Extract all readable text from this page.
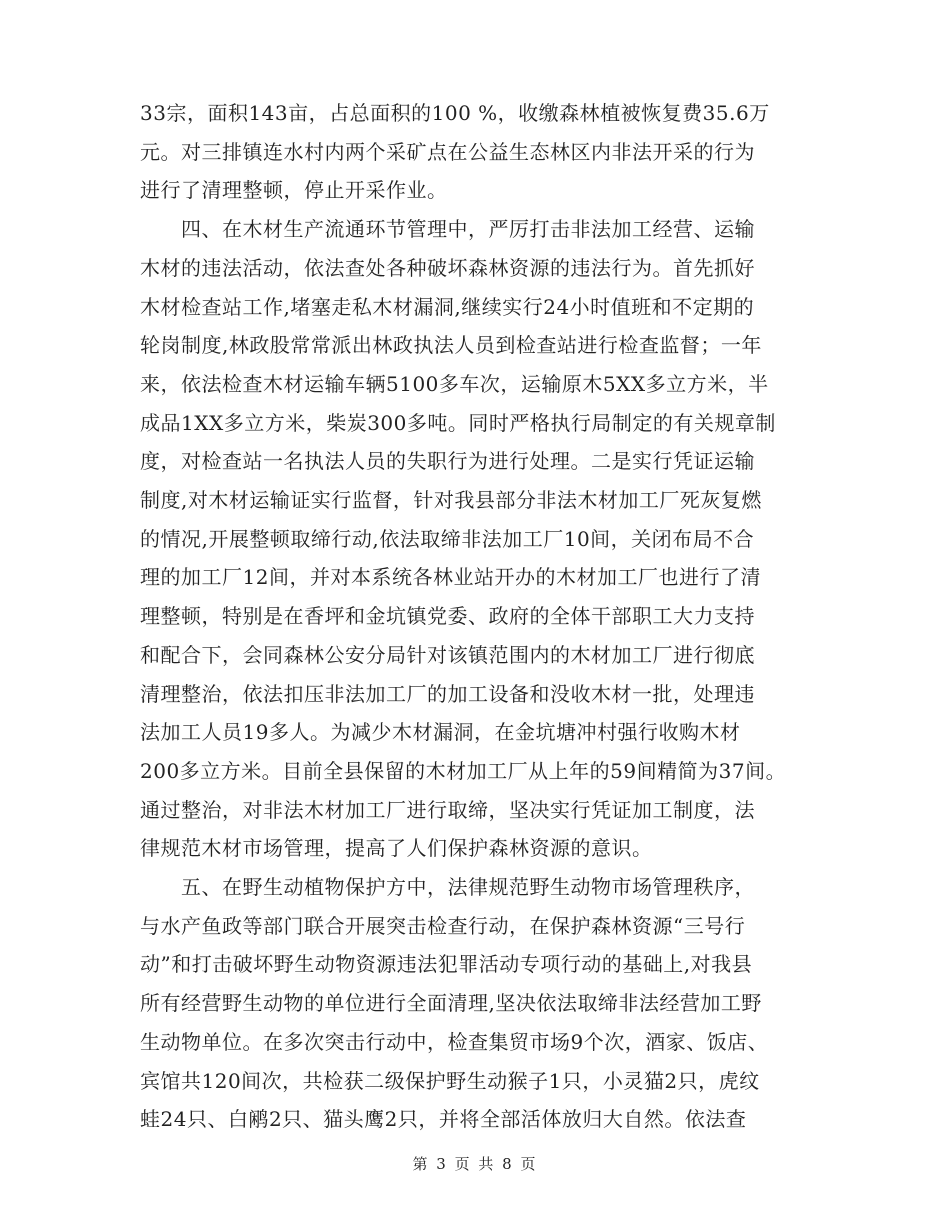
33宗，面积143亩，占总面积的100 %，收缴森林植被恢复费35.6万
元。对三排镇连水村内两个采矿点在公益生态林区内非法开采的行为
进行了清理整顿，停止开采作业。
　　四、在木材生产流通环节管理中，严厉打击非法加工经营、运输
木材的违法活动，依法查处各种破坏森林资源的违法行为。首先抓好
木材检查站工作,堵塞走私木材漏洞,继续实行24小时值班和不定期的
轮岗制度,林政股常常派出林政执法人员到检查站进行检查监督；一年
来，依法检查木材运输车辆5100多车次，运输原木5XX多立方米，半
成品1XX多立方米，柴炭300多吨。同时严格执行局制定的有关规章制
度，对检查站一名执法人员的失职行为进行处理。二是实行凭证运输
制度,对木材运输证实行监督，针对我县部分非法木材加工厂死灰复燃
的情况,开展整顿取缔行动,依法取缔非法加工厂10间，关闭布局不合
理的加工厂12间，并对本系统各林业站开办的木材加工厂也进行了清
理整顿，特别是在香坪和金坑镇党委、政府的全体干部职工大力支持
和配合下，会同森林公安分局针对该镇范围内的木材加工厂进行彻底
清理整治，依法扣压非法加工厂的加工设备和没收木材一批，处理违
法加工人员19多人。为减少木材漏洞，在金坑塘冲村强行收购木材
200多立方米。目前全县保留的木材加工厂从上年的59间精简为37间。
通过整治，对非法木材加工厂进行取缔，坚决实行凭证加工制度，法
律规范木材市场管理，提高了人们保护森林资源的意识。
　　五、在野生动植物保护方中，法律规范野生动物市场管理秩序，
与水产鱼政等部门联合开展突击检查行动，在保护森林资源“三号行
动”和打击破坏野生动物资源违法犯罪活动专项行动的基础上,对我县
所有经营野生动物的单位进行全面清理,坚决依法取缔非法经营加工野
生动物单位。在多次突击行动中，检查集贸市场9个次，酒家、饭店、
宾馆共120间次，共检获二级保护野生动猴子1只，小灵猫2只，虎纹
蛙24只、白鹇2只、猫头鹰2只，并将全部活体放归大自然。依法查
第 3 页 共 8 页
